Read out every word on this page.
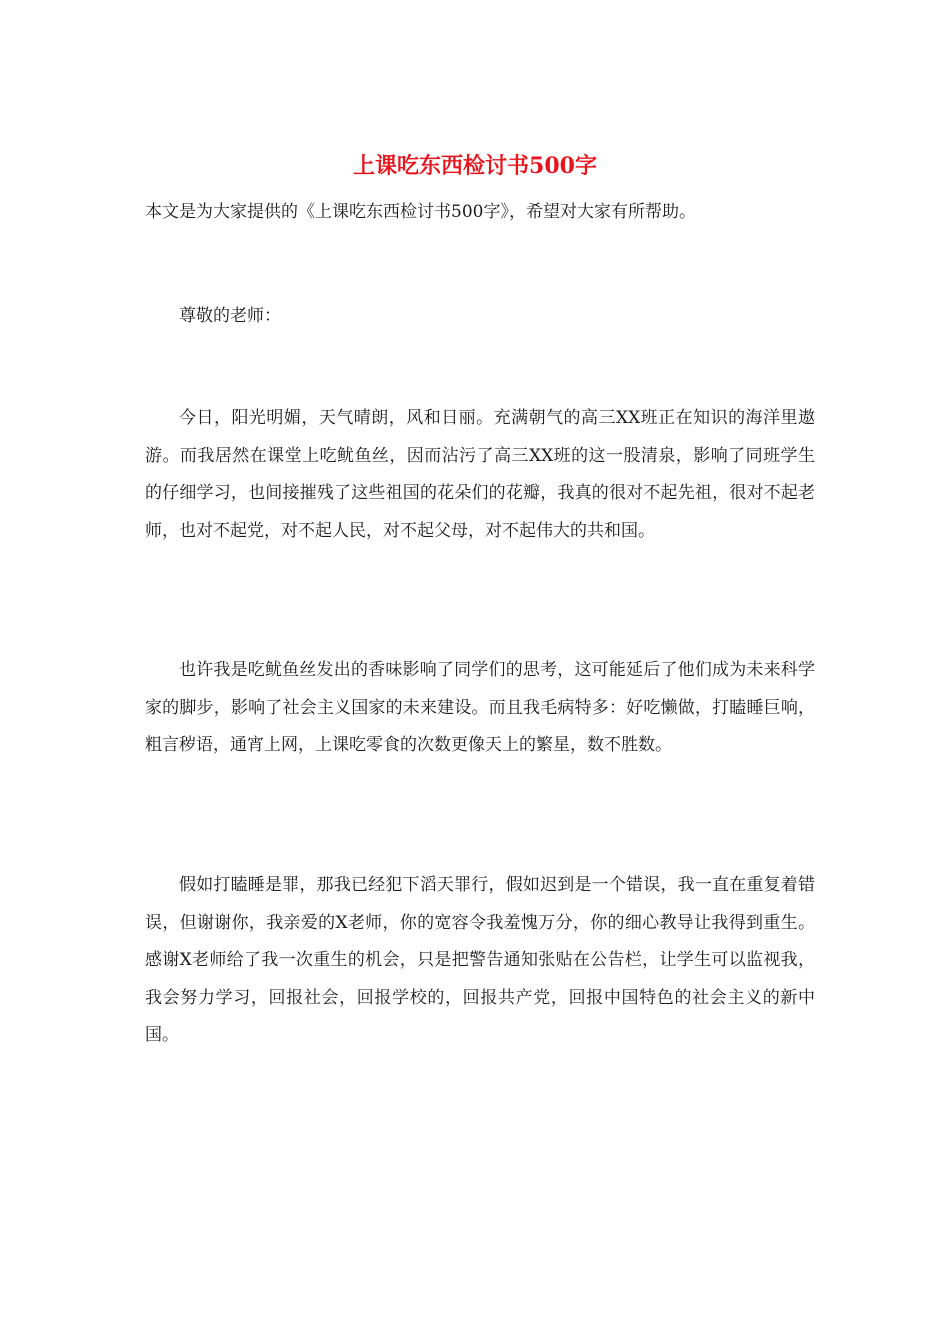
上课吃东西检讨书500字

本文是为大家提供的《上课吃东西检讨书500字》，希望对大家有所帮助。

尊敬的老师：

今日，阳光明媚，天气晴朗，风和日丽。充满朝气的高三XX班正在知识的海洋里遨游。而我居然在课堂上吃鱿鱼丝，因而沾污了高三XX班的这一股清泉，影响了同班学生的仔细学习，也间接摧残了这些祖国的花朵们的花瓣，我真的很对不起先祖，很对不起老师，也对不起党，对不起人民，对不起父母，对不起伟大的共和国。

也许我是吃鱿鱼丝发出的香味影响了同学们的思考，这可能延后了他们成为未来科学家的脚步，影响了社会主义国家的未来建设。而且我毛病特多：好吃懒做，打瞌睡巨响，粗言秽语，通宵上网，上课吃零食的次数更像天上的繁星，数不胜数。

假如打瞌睡是罪，那我已经犯下滔天罪行，假如迟到是一个错误，我一直在重复着错误，但谢谢你，我亲爱的X老师，你的宽容令我羞愧万分，你的细心教导让我得到重生。感谢X老师给了我一次重生的机会，只是把警告通知张贴在公告栏，让学生可以监视我，我会努力学习，回报社会，回报学校的，回报共产党，回报中国特色的社会主义的新中国。
